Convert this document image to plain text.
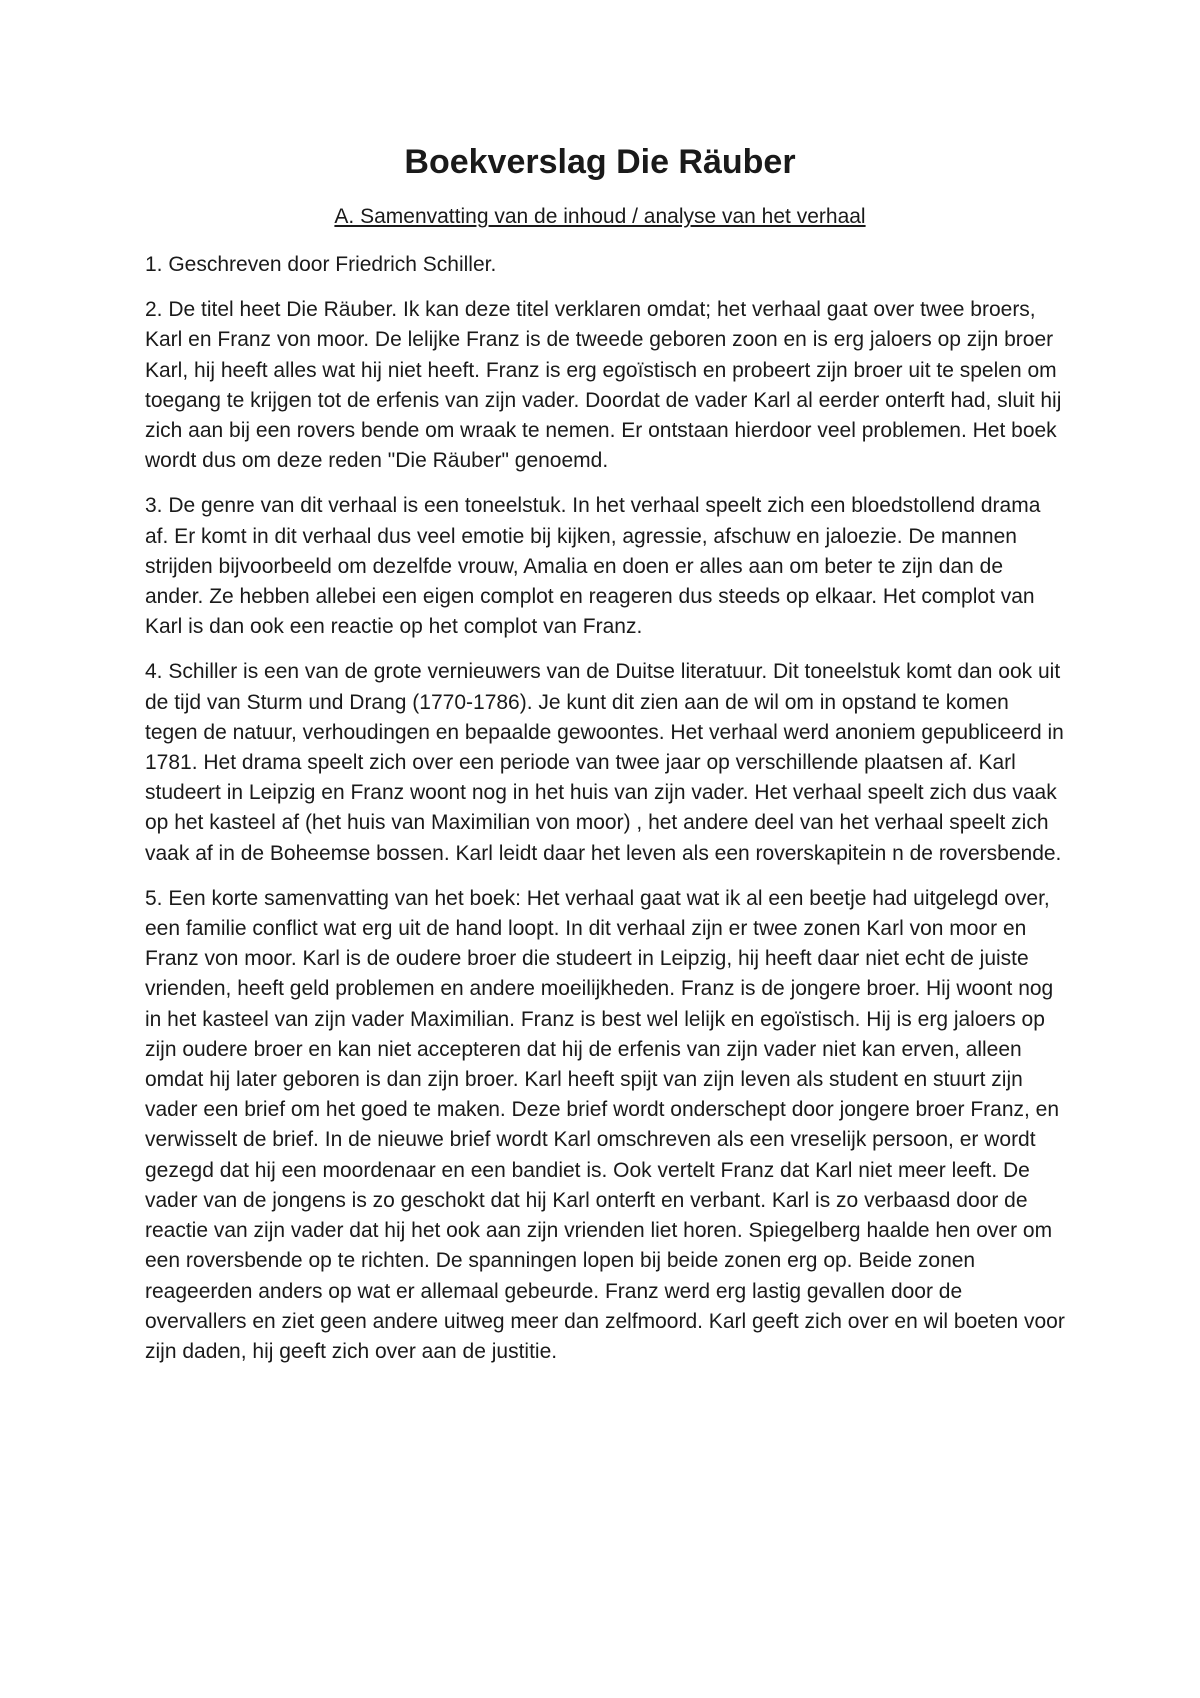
Boekverslag Die Räuber
A. Samenvatting van de inhoud / analyse van het verhaal

1. Geschreven door Friedrich Schiller.

2. De titel heet Die Räuber. Ik kan deze titel verklaren omdat; het verhaal gaat over twee broers, Karl en Franz von moor. De lelijke Franz is de tweede geboren zoon en is erg jaloers op zijn broer Karl, hij heeft alles wat hij niet heeft. Franz is erg egoïstisch en probeert zijn broer uit te spelen om toegang te krijgen tot de erfenis van zijn vader. Doordat de vader Karl al eerder onterft had, sluit hij zich aan bij een rovers bende om wraak te nemen. Er ontstaan hierdoor veel problemen. Het boek wordt dus om deze reden "Die Räuber" genoemd.

3. De genre van dit verhaal is een toneelstuk. In het verhaal speelt zich een bloedstollend drama af. Er komt in dit verhaal dus veel emotie bij kijken, agressie, afschuw en jaloezie. De mannen strijden bijvoorbeeld om dezelfde vrouw, Amalia en doen er alles aan om beter te zijn dan de ander. Ze hebben allebei een eigen complot en reageren dus steeds op elkaar. Het complot van Karl is dan ook een reactie op het complot van Franz.

4. Schiller is een van de grote vernieuwers van de Duitse literatuur. Dit toneelstuk komt dan ook uit de tijd van Sturm und Drang (1770-1786). Je kunt dit zien aan de wil om in opstand te komen tegen de natuur, verhoudingen en bepaalde gewoontes. Het verhaal werd anoniem gepubliceerd in 1781. Het drama speelt zich over een periode van twee jaar op verschillende plaatsen af. Karl studeert in Leipzig en Franz woont nog in het huis van zijn vader. Het verhaal speelt zich dus vaak op het kasteel af (het huis van Maximilian von moor) , het andere deel van het verhaal speelt zich vaak af in de Boheemse bossen. Karl leidt daar het leven als een roverskapitein n de roversbende.

5. Een korte samenvatting van het boek: Het verhaal gaat wat ik al een beetje had uitgelegd over, een familie conflict wat erg uit de hand loopt. In dit verhaal zijn er twee zonen Karl von moor en Franz von moor. Karl is de oudere broer die studeert in Leipzig, hij heeft daar niet echt de juiste vrienden, heeft geld problemen en andere moeilijkheden. Franz is de jongere broer. Hij woont nog in het kasteel van zijn vader Maximilian. Franz is best wel lelijk en egoïstisch. Hij is erg jaloers op zijn oudere broer en kan niet accepteren dat hij de erfenis van zijn vader niet kan erven, alleen omdat hij later geboren is dan zijn broer. Karl heeft spijt van zijn leven als student en stuurt zijn vader een brief om het goed te maken. Deze brief wordt onderschept door jongere broer Franz, en verwisselt de brief. In de nieuwe brief wordt Karl omschreven als een vreselijk persoon, er wordt gezegd dat hij een moordenaar en een bandiet is. Ook vertelt Franz dat Karl niet meer leeft. De vader van de jongens is zo geschokt dat hij Karl onterft en verbant. Karl is zo verbaasd door de reactie van zijn vader dat hij het ook aan zijn vrienden liet horen. Spiegelberg haalde hen over om een roversbende op te richten. De spanningen lopen bij beide zonen erg op. Beide zonen reageerden anders op wat er allemaal gebeurde. Franz werd erg lastig gevallen door de overvallers en ziet geen andere uitweg meer dan zelfmoord. Karl geeft zich over en wil boeten voor zijn daden, hij geeft zich over aan de justitie.
